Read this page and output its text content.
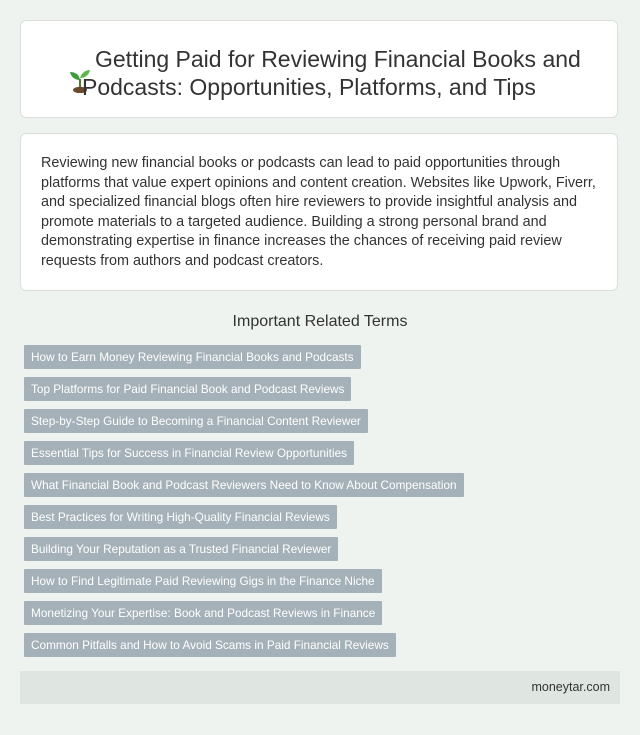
Getting Paid for Reviewing Financial Books and
Podcasts: Opportunities, Platforms, and Tips
Reviewing new financial books or podcasts can lead to paid opportunities through platforms that value expert opinions and content creation. Websites like Upwork, Fiverr, and specialized financial blogs often hire reviewers to provide insightful analysis and promote materials to a targeted audience. Building a strong personal brand and demonstrating expertise in finance increases the chances of receiving paid review requests from authors and podcast creators.
Important Related Terms
How to Earn Money Reviewing Financial Books and Podcasts
Top Platforms for Paid Financial Book and Podcast Reviews
Step-by-Step Guide to Becoming a Financial Content Reviewer
Essential Tips for Success in Financial Review Opportunities
What Financial Book and Podcast Reviewers Need to Know About Compensation
Best Practices for Writing High-Quality Financial Reviews
Building Your Reputation as a Trusted Financial Reviewer
How to Find Legitimate Paid Reviewing Gigs in the Finance Niche
Monetizing Your Expertise: Book and Podcast Reviews in Finance
Common Pitfalls and How to Avoid Scams in Paid Financial Reviews
moneytar.com
